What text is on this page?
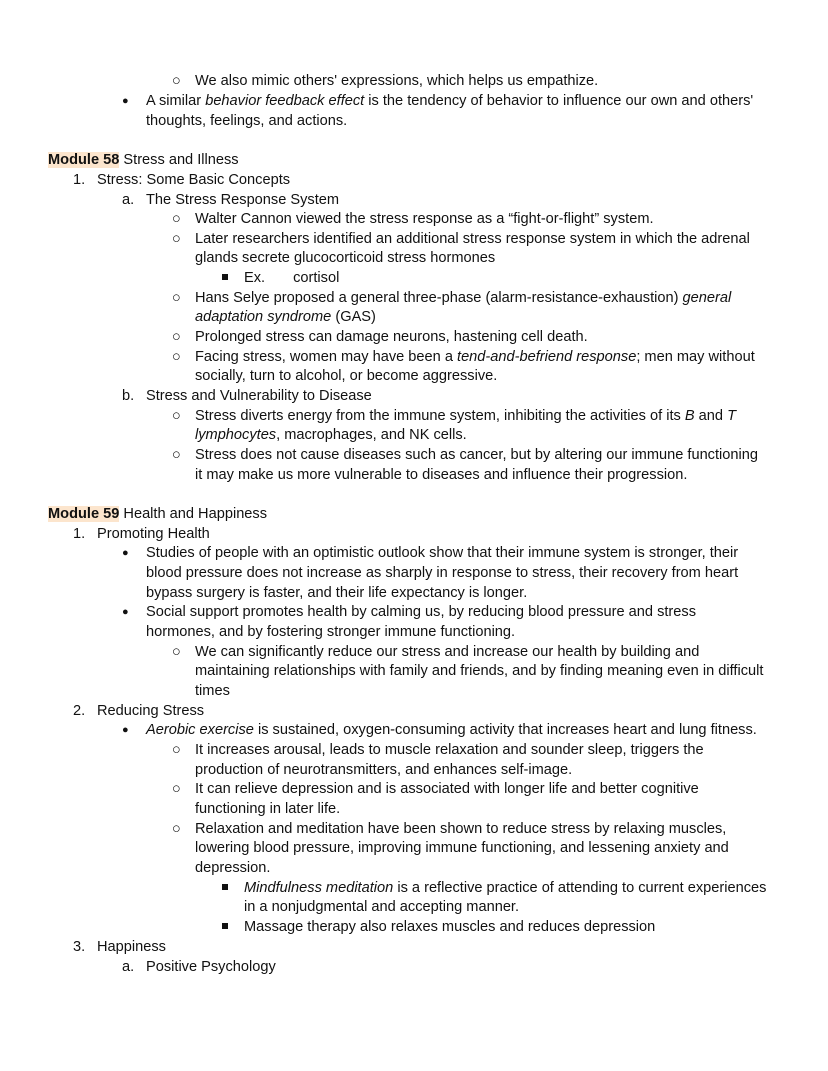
○ We also mimic others' expressions, which helps us empathize.
● A similar behavior feedback effect is the tendency of behavior to influence our own and others'
thoughts, feelings, and actions.
Module 58 Stress and Illness
1. Stress: Some Basic Concepts
a. The Stress Response System
○ Walter Cannon viewed the stress response as a “fight-or-flight” system.
○ Later researchers identified an additional stress response system in which the adrenal
glands secrete glucocorticoid stress hormones
Ex. cortisol
○ Hans Selye proposed a general three-phase (alarm-resistance-exhaustion) general
adaptation syndrome (GAS)
○ Prolonged stress can damage neurons, hastening cell death.
○ Facing stress, women may have been a tend-and-befriend response; men may without
socially, turn to alcohol, or become aggressive.
b. Stress and Vulnerability to Disease
○ Stress diverts energy from the immune system, inhibiting the activities of its B and T
lymphocytes, macrophages, and NK cells.
○ Stress does not cause diseases such as cancer, but by altering our immune functioning
it may make us more vulnerable to diseases and influence their progression.
Module 59 Health and Happiness
1. Promoting Health
● Studies of people with an optimistic outlook show that their immune system is stronger, their
blood pressure does not increase as sharply in response to stress, their recovery from heart
bypass surgery is faster, and their life expectancy is longer.
● Social support promotes health by calming us, by reducing blood pressure and stress
hormones, and by fostering stronger immune functioning.
○ We can significantly reduce our stress and increase our health by building and
maintaining relationships with family and friends, and by finding meaning even in difficult
times
2. Reducing Stress
● Aerobic exercise is sustained, oxygen-consuming activity that increases heart and lung fitness.
○ It increases arousal, leads to muscle relaxation and sounder sleep, triggers the
production of neurotransmitters, and enhances self-image.
○ It can relieve depression and is associated with longer life and better cognitive
functioning in later life.
○ Relaxation and meditation have been shown to reduce stress by relaxing muscles,
lowering blood pressure, improving immune functioning, and lessening anxiety and
depression.
Mindfulness meditation is a reflective practice of attending to current experiences
in a nonjudgmental and accepting manner.
Massage therapy also relaxes muscles and reduces depression
3. Happiness
a. Positive Psychology
